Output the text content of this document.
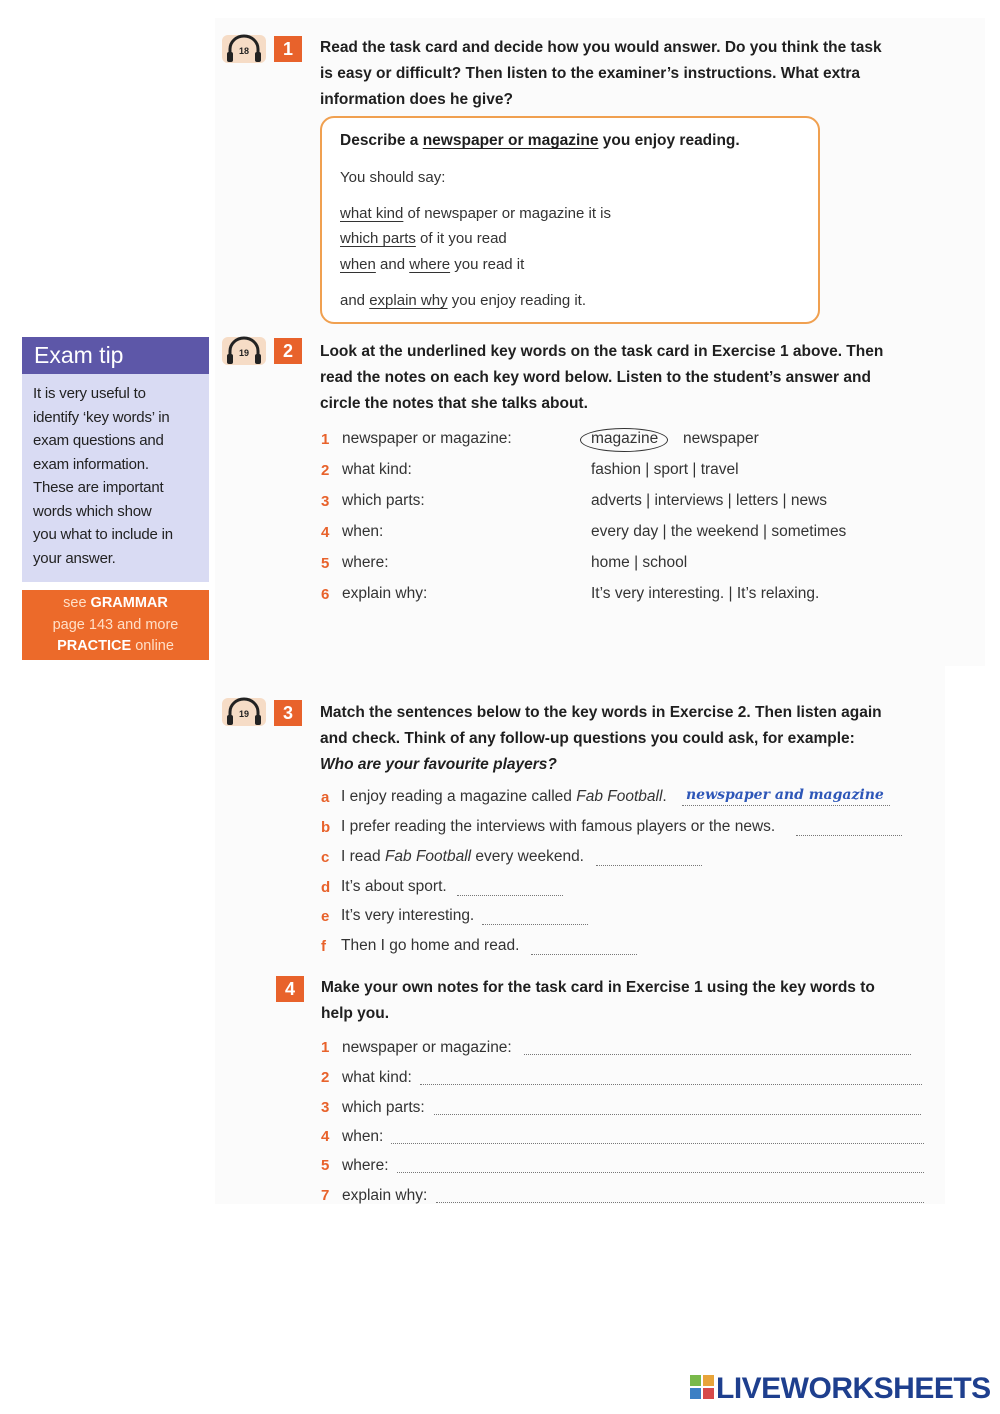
18	1	Read the task card and decide how you would answer. Do you think the task
is easy or difficult? Then listen to the examiner’s instructions. What extra
information does he give?

Describe a newspaper or magazine you enjoy reading.

You should say:

what kind of newspaper or magazine it is

which parts of it you read

when and where you read it

and explain why you enjoy reading it.

Exam tip
It is very useful to
identify ‘key words’ in
exam questions and
exam information.
These are important
words which show
you what to include in
your answer.
see GRAMMAR
page 143 and more
PRACTICE online
19	2	Look at the underlined key words on the task card in Exercise 1 above. Then
read the notes on each key word below. Listen to the student’s answer and
circle the notes that she talks about.
1 newspaper or magazine:	magazine newspaper
2 what kind:	fashion | sport | travel
3 which parts:	adverts | interviews | letters | news
4 when:	every day | the weekend | sometimes
5 where:	home | school
6 explain why:	It’s very interesting. | It’s relaxing.
19	3	Match the sentences below to the key words in Exercise 2. Then listen again
and check. Think of any follow-up questions you could ask, for example:
Who are your favourite players?
a I enjoy reading a magazine called Fab Football. newspaper and magazine
b I prefer reading the interviews with famous players or the news.
c I read Fab Football every weekend.
d It’s about sport.
e It’s very interesting.
f Then I go home and read.
4	Make your own notes for the task card in Exercise 1 using the key words to
help you.
1 newspaper or magazine:
2 what kind:
3 which parts:
4 when:
5 where:
7 explain why:
LIVEWORKSHEETS
